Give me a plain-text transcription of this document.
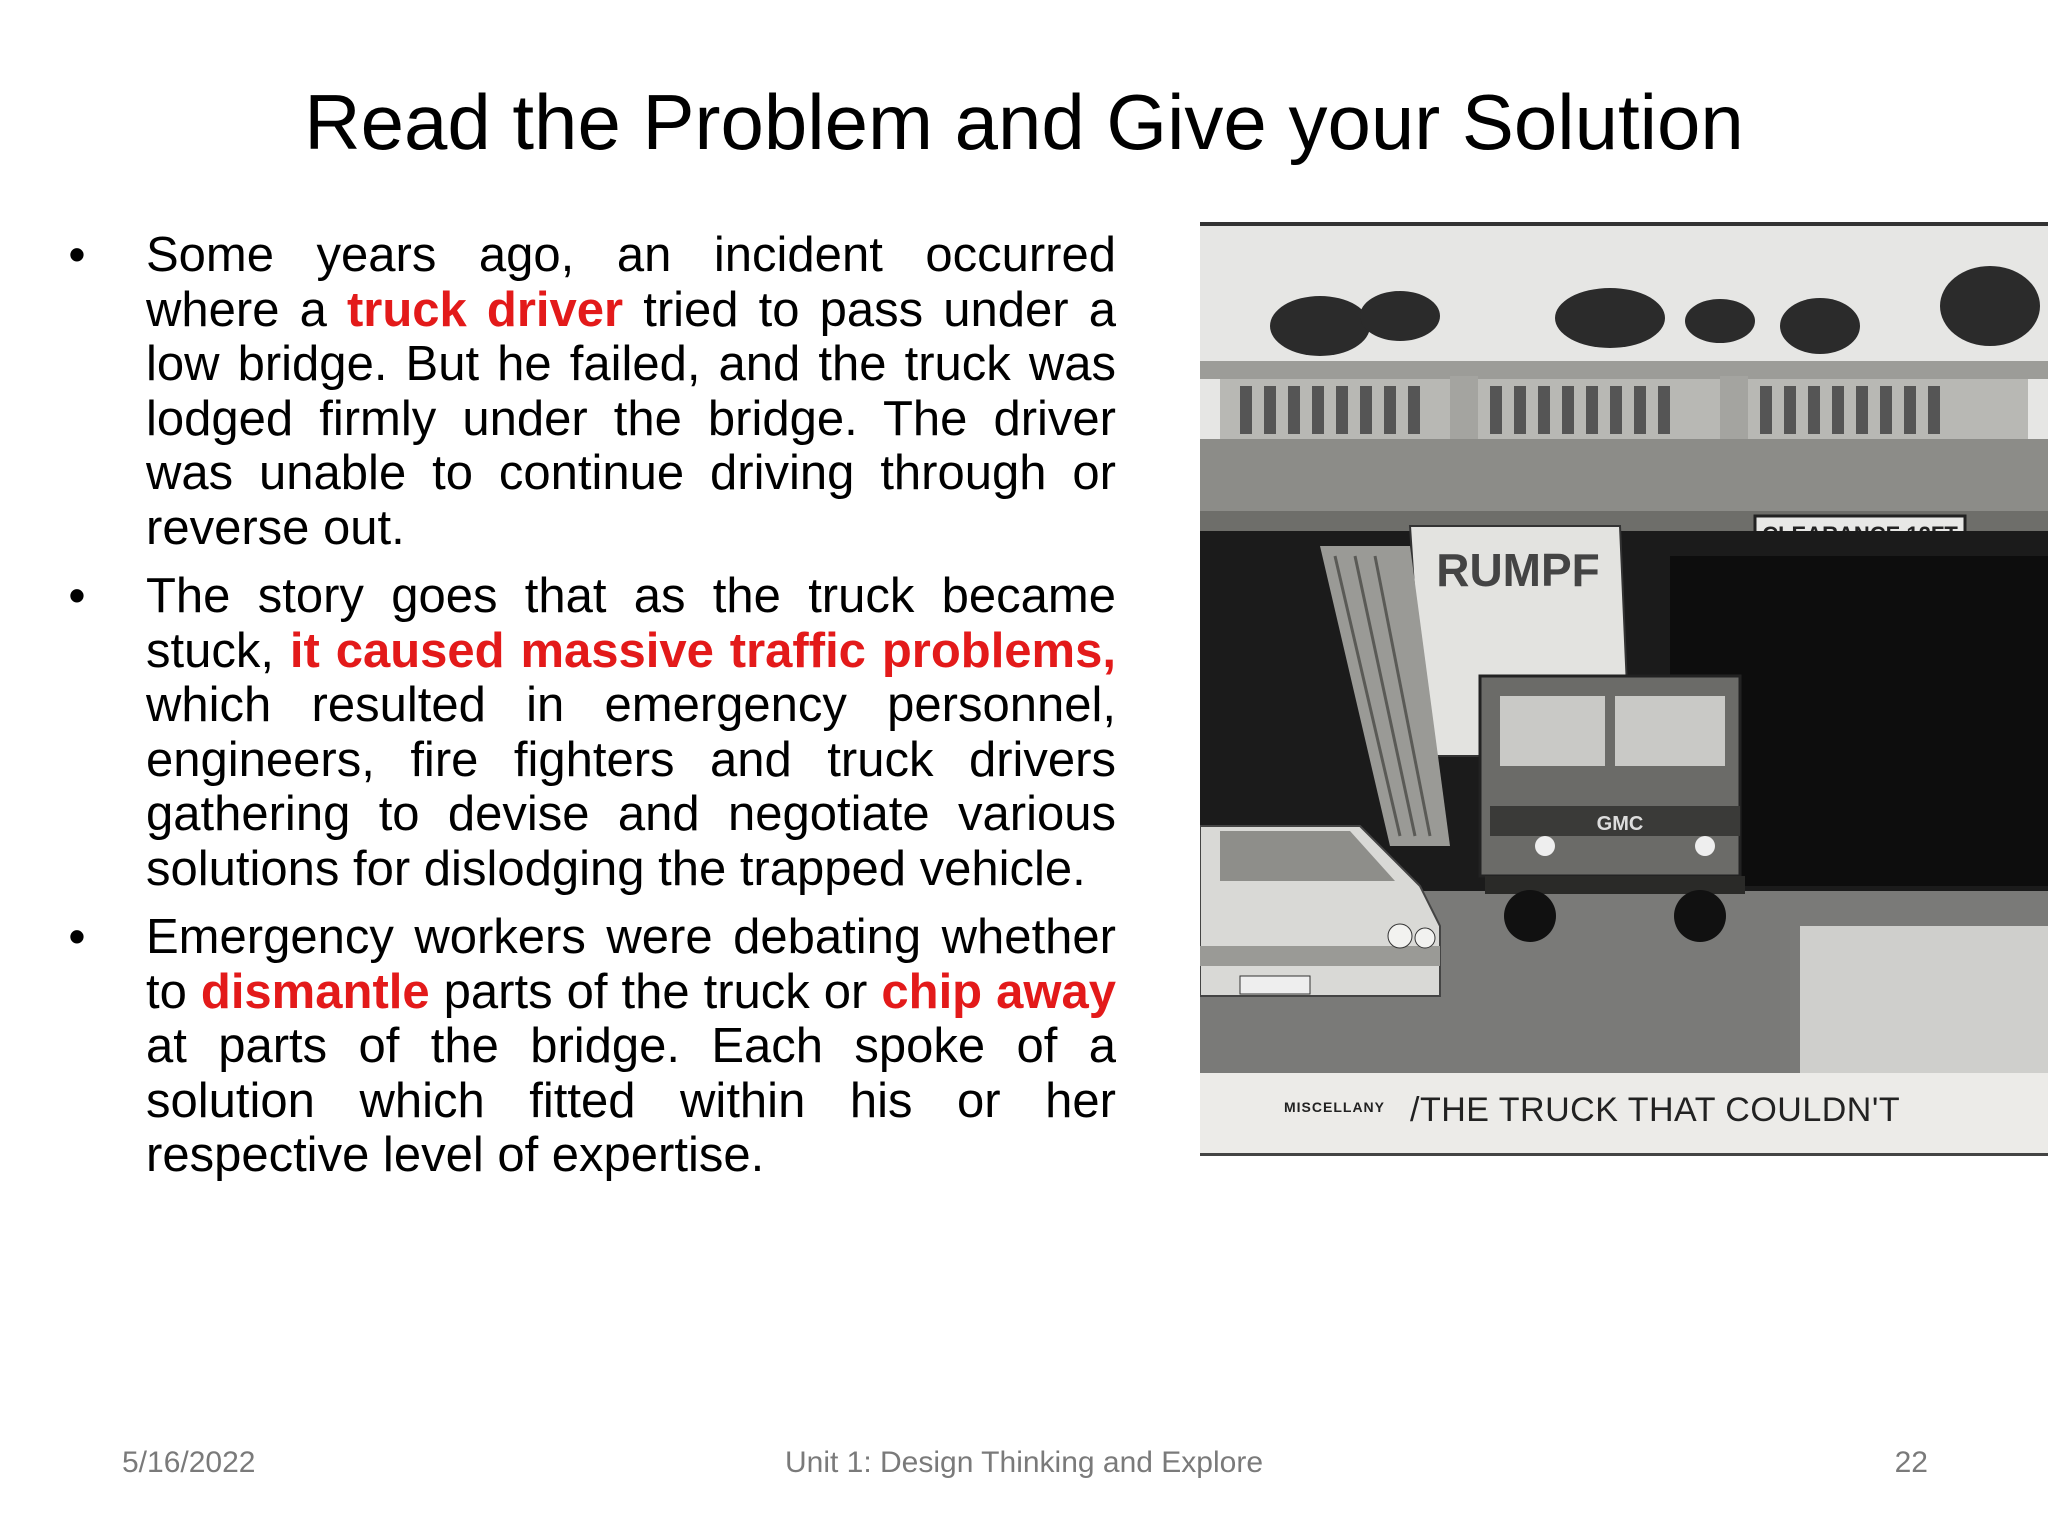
Read the Problem and Give your Solution
• Some years ago, an incident occurred where a truck driver tried to pass under a low bridge. But he failed, and the truck was lodged firmly under the bridge. The driver was unable to continue driving through or reverse out.
• The story goes that as the truck became stuck, it caused massive traffic problems, which resulted in emergency personnel, engineers, fire fighters and truck drivers gathering to devise and negotiate various solutions for dislodging the trapped vehicle.
• Emergency workers were debating whether to dismantle parts of the truck or chip away at parts of the bridge. Each spoke of a solution which fitted within his or her respective level of expertise.
RUMPF
GMC
MISCELLANY /THE TRUCK THAT COULDN'T
5/16/2022	Unit 1: Design Thinking and Explore	22
